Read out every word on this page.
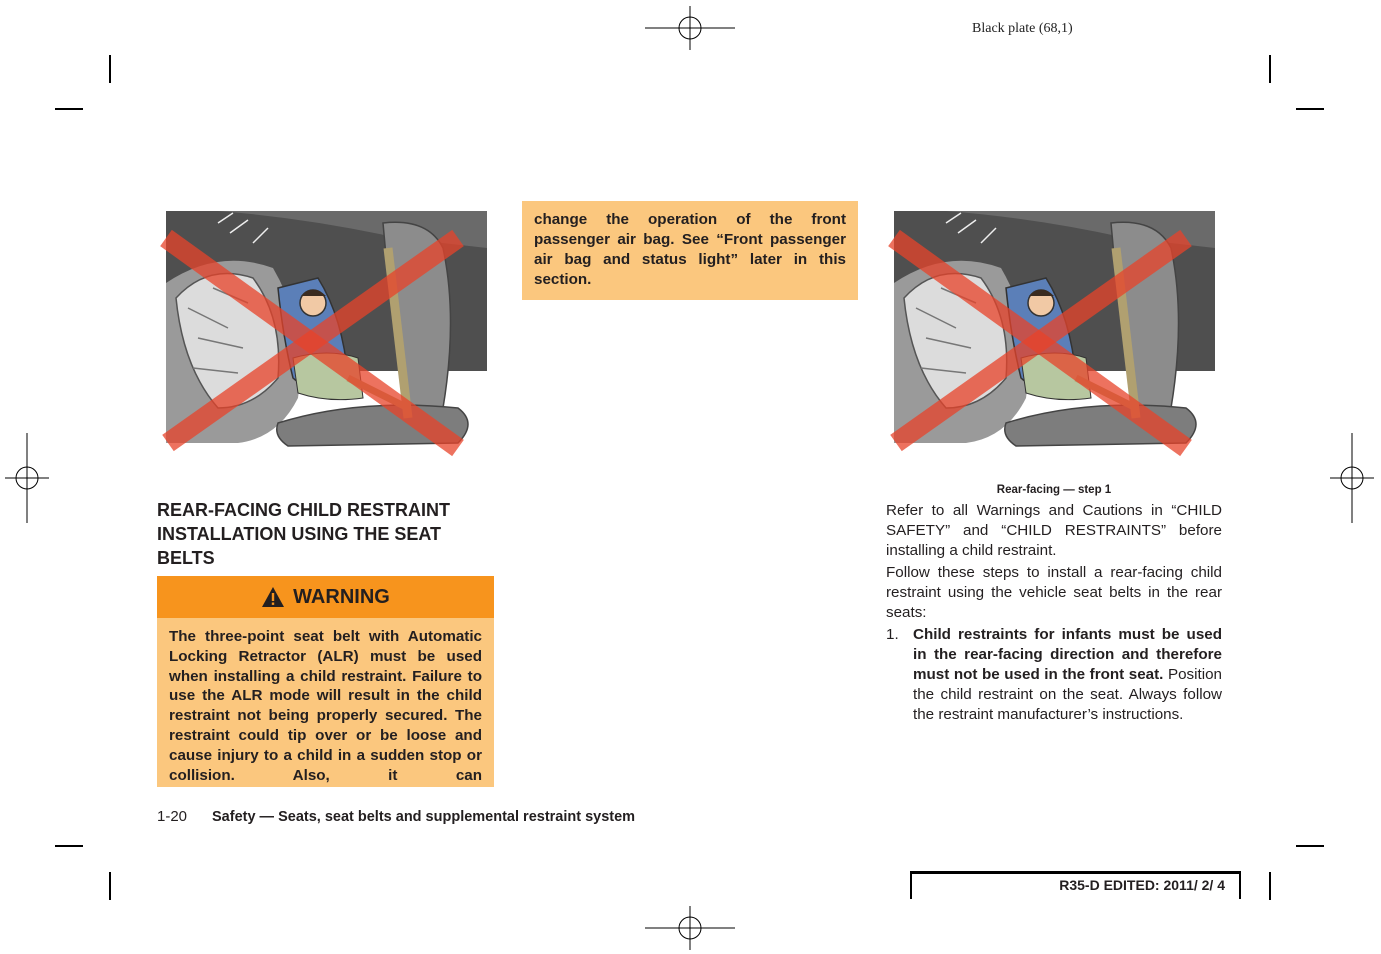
Black plate (68,1)
REAR-FACING CHILD RESTRAINT INSTALLATION USING THE SEAT BELTS
WARNING
The three-point seat belt with Automatic Locking Retractor (ALR) must be used when installing a child restraint. Failure to use the ALR mode will result in the child restraint not being properly secured. The restraint could tip over or be loose and cause injury to a child in a sudden stop or collision. Also, it can
change the operation of the front passenger air bag. See “Front passenger air bag and status light” later in this section.
Rear-facing — step 1
Refer to all Warnings and Cautions in “CHILD SAFETY” and “CHILD RESTRAINTS” before installing a child restraint.
Follow these steps to install a rear-facing child restraint using the vehicle seat belts in the rear seats:
1. Child restraints for infants must be used in the rear-facing direction and therefore must not be used in the front seat. Position the child restraint on the seat. Always follow the restraint manufacturer’s instructions.
1-20 Safety — Seats, seat belts and supplemental restraint system
R35-D EDITED: 2011/ 2/ 4
